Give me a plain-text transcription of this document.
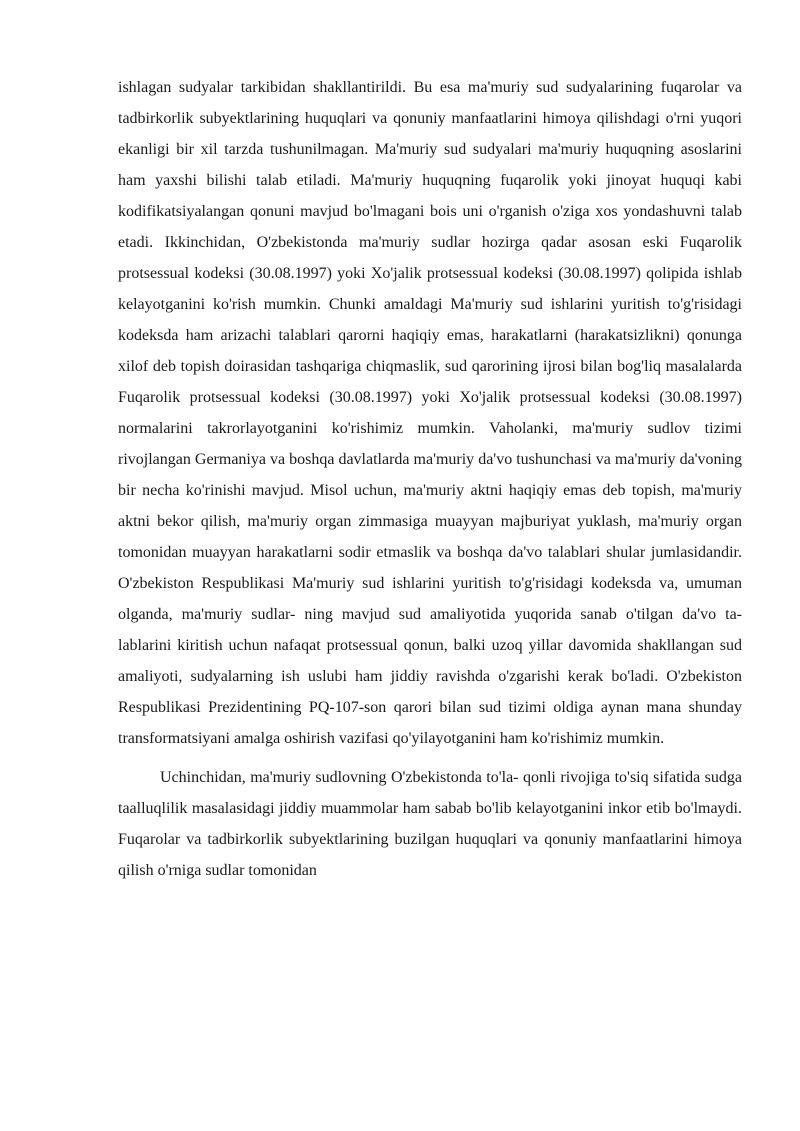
ishlagan sudyalar tarkibidan shakllantirildi. Bu esa ma'muriy sud sudyalarining fuqarolar va tadbirkorlik subyektlarining huquqlari va qonuniy manfaatlarini himoya qilishdagi o'rni yuqori ekanligi bir xil tarzda tushunilmagan. Ma'muriy sud sudyalari ma'muriy huquqning asoslarini ham yaxshi bilishi talab etiladi. Ma'muriy huquqning fuqarolik yoki jinoyat huquqi kabi kodifikatsiyalangan qonuni mavjud bo'lmagani bois uni o'rganish o'ziga xos yondashuvni talab etadi. Ikkinchidan, O'zbekistonda ma'muriy sudlar hozirga qadar asosan eski Fuqarolik protsessual kodeksi (30.08.1997) yoki Xo'jalik protsessual kodeksi (30.08.1997) qolipida ishlab kelayotganini ko'rish mumkin. Chunki amaldagi Ma'muriy sud ishlarini yuritish to'g'risidagi kodeksda ham arizachi talablari qarorni haqiqiy emas, harakatlarni (harakatsizlikni) qonunga xilof deb topish doirasidan tashqariga chiqmaslik, sud qarorining ijrosi bilan bog'liq masalalarda Fuqarolik protsessual kodeksi (30.08.1997) yoki Xo'jalik protsessual kodeksi (30.08.1997) normalarini takrorlayotganini ko'rishimiz mumkin. Vaholanki, ma'muriy sudlov tizimi rivojlangan Germaniya va boshqa davlatlarda ma'muriy da'vo tushunchasi va ma'muriy da'voning bir necha ko'rinishi mavjud. Misol uchun, ma'muriy aktni haqiqiy emas deb topish, ma'muriy aktni bekor qilish, ma'muriy organ zimmasiga muayyan majburiyat yuklash, ma'muriy organ tomonidan muayyan harakatlarni sodir etmaslik va boshqa da'vo talablari shular jumlasidandir. O'zbekiston Respublikasi Ma'muriy sud ishlarini yuritish to'g'risidagi kodeksda va, umuman olganda, ma'muriy sudlar- ning mavjud sud amaliyotida yuqorida sanab o'tilgan da'vo ta- lablarini kiritish uchun nafaqat protsessual qonun, balki uzoq yillar davomida shakllangan sud amaliyoti, sudyalarning ish uslubi ham jiddiy ravishda o'zgarishi kerak bo'ladi. O'zbekiston Respublikasi Prezidentining PQ-107-son qarori bilan sud tizimi oldiga aynan mana shunday transformatsiyani amalga oshirish vazifasi qo'yilayotganini ham ko'rishimiz mumkin.

Uchinchidan, ma'muriy sudlovning O'zbekistonda to'la- qonli rivojiga to'siq sifatida sudga taalluqlilik masalasidagi jiddiy muammolar ham sabab bo'lib kelayotganini inkor etib bo'lmaydi. Fuqarolar va tadbirkorlik subyektlarining buzilgan huquqlari va qonuniy manfaatlarini himoya qilish o'rniga sudlar tomonidan
